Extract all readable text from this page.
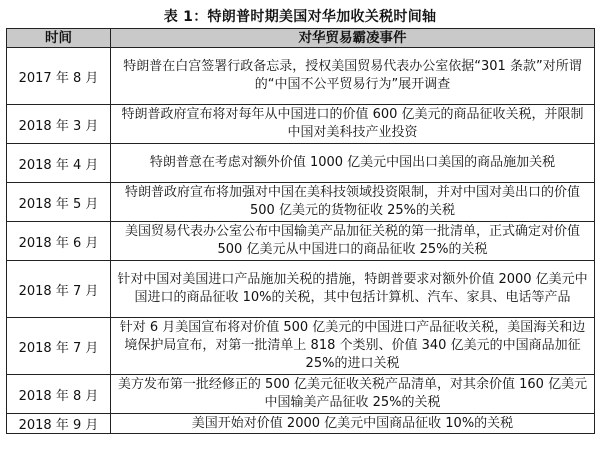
表 1：特朗普时期美国对华加收关税时间轴
时间	对华贸易霸凌事件
2017 年 8 月	特朗普在白宫签署行政备忘录，授权美国贸易代表办公室依据“301 条款”对所谓的“中国不公平贸易行为”展开调查
2018 年 3 月	特朗普政府宣布将对每年从中国进口的价值 600 亿美元的商品征收关税，并限制中国对美科技产业投资
2018 年 4 月	特朗普意在考虑对额外价值 1000 亿美元中国出口美国的商品施加关税
2018 年 5 月	特朗普政府宣布将加强对中国在美科技领域投资限制，并对中国对美出口的价值 500 亿美元的货物征收 25%的关税
2018 年 6 月	美国贸易代表办公室公布中国输美产品加征关税的第一批清单，正式确定对价值 500 亿美元从中国进口的商品征收 25%的关税
2018 年 7 月	针对中国对美国进口产品施加关税的措施，特朗普要求对额外价值 2000 亿美元中国进口的商品征收 10%的关税，其中包括计算机、汽车、家具、电话等产品
2018 年 7 月	针对 6 月美国宣布将对价值 500 亿美元的中国进口产品征收关税，美国海关和边境保护局宣布，对第一批清单上 818 个类别、价值 340 亿美元的中国商品加征 25%的进口关税
2018 年 8 月	美方发布第一批经修正的 500 亿美元征收关税产品清单，对其余价值 160 亿美元中国输美产品征收 25%的关税
2018 年 9 月	美国开始对价值 2000 亿美元中国商品征收 10%的关税
